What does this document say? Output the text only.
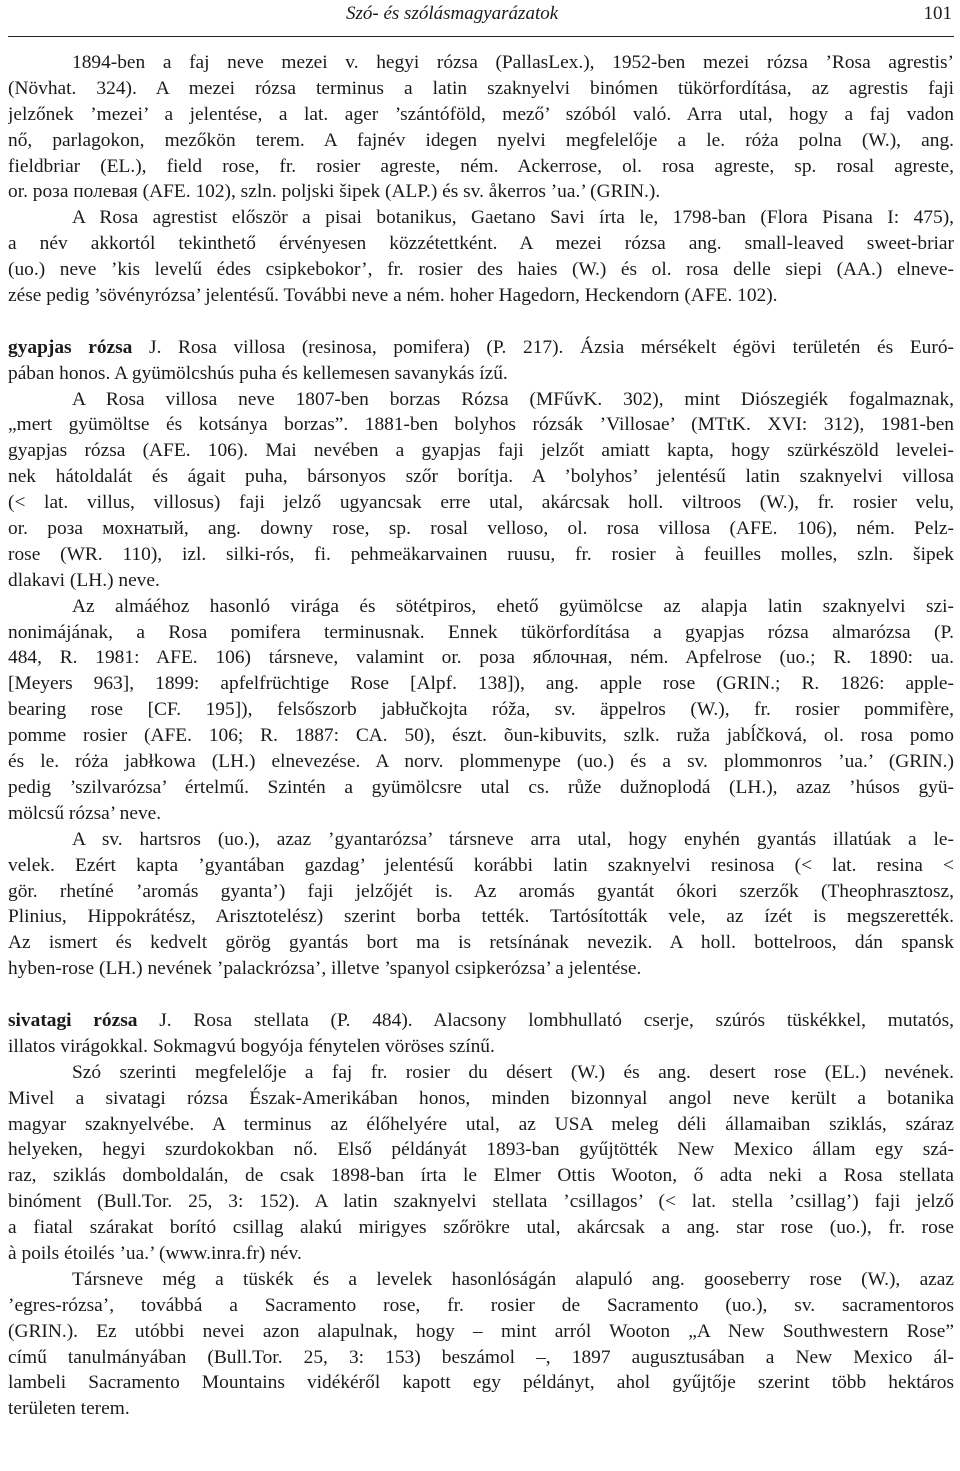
Szó- és szólásmagyarázatok	101
1894-ben a faj neve mezei v. hegyi rózsa (PallasLex.), 1952-ben mezei rózsa ’Rosa agrestis’
(Növhat. 324). A mezei rózsa terminus a latin szaknyelvi binómen tükörfordítása, az agrestis faji
jelzőnek ’mezei’ a jelentése, a lat. ager ’szántóföld, mező’ szóból való. Arra utal, hogy a faj vadon
nő, parlagokon, mezőkön terem. A fajnév idegen nyelvi megfelelője a le. róża polna (W.), ang.
fieldbriar (EL.), field rose, fr. rosier agreste, ném. Ackerrose, ol. rosa agreste, sp. rosal agreste,
or. роза полевая (AFE. 102), szln. poljski šipek (ALP.) és sv. åkerros ’ua.’ (GRIN.).
A Rosa agrestist először a pisai botanikus, Gaetano Savi írta le, 1798-ban (Flora Pisana I: 475),
a név akkortól tekinthető érvényesen közzétettként. A mezei rózsa ang. small-leaved sweet-briar
(uo.) neve ’kis levelű édes csipkebokor’, fr. rosier des haies (W.) és ol. rosa delle siepi (AA.) elneve-
zése pedig ’sövényrózsa’ jelentésű. További neve a ném. hoher Hagedorn, Heckendorn (AFE. 102).
gyapjas rózsa J. Rosa villosa (resinosa, pomifera) (P. 217). Ázsia mérsékelt égövi területén és Euró-
pában honos. A gyümölcshús puha és kellemesen savanykás ízű.
A Rosa villosa neve 1807-ben borzas Rózsa (MFűvK. 302), mint Diószegiék fogalmaznak,
„mert gyümöltse és kotsánya borzas”. 1881-ben bolyhos rózsák ’Villosae’ (MTtK. XVI: 312), 1981-ben
gyapjas rózsa (AFE. 106). Mai nevében a gyapjas faji jelzőt amiatt kapta, hogy szürkészöld levelei-
nek hátoldalát és ágait puha, bársonyos szőr borítja. A ’bolyhos’ jelentésű latin szaknyelvi villosa
(< lat. villus, villosus) faji jelző ugyancsak erre utal, akárcsak holl. viltroos (W.), fr. rosier velu,
or. роза мохнатый, ang. downy rose, sp. rosal velloso, ol. rosa villosa (AFE. 106), ném. Pelz-
rose (WR. 110), izl. silki-rós, fi. pehmeäkarvainen ruusu, fr. rosier à feuilles molles, szln. šipek
dlakavi (LH.) neve.
Az almáéhoz hasonló virága és sötétpiros, ehető gyümölcse az alapja latin szaknyelvi szi-
nonimájának, a Rosa pomifera terminusnak. Ennek tükörfordítása a gyapjas rózsa almarózsa (P.
484, R. 1981: AFE. 106) társneve, valamint or. роза яблочная, ném. Apfelrose (uo.; R. 1890: ua.
[Meyers 963], 1899: apfelfrüchtige Rose [Alpf. 138]), ang. apple rose (GRIN.; R. 1826: apple-
bearing rose [CF. 195]), felsőszorb jabłučkojta róža, sv. äppelros (W.), fr. rosier pommifère,
pomme rosier (AFE. 106; R. 1887: CA. 50), észt. õun-kibuvits, szlk. ruža jabĺčková, ol. rosa pomo
és le. róża jabłkowa (LH.) elnevezése. A norv. plommenype (uo.) és a sv. plommonros ’ua.’ (GRIN.)
pedig ’szilvarózsa’ értelmű. Szintén a gyümölcsre utal cs. růže dužnoplodá (LH.), azaz ’húsos gyü-
mölcsű rózsa’ neve.
A sv. hartsros (uo.), azaz ’gyantarózsa’ társneve arra utal, hogy enyhén gyantás illatúak a le-
velek. Ezért kapta ’gyantában gazdag’ jelentésű korábbi latin szaknyelvi resinosa (< lat. resina <
gör. rhetíné ’aromás gyanta’) faji jelzőjét is. Az aromás gyantát ókori szerzők (Theophrasztosz,
Plinius, Hippokrátész, Arisztotelész) szerint borba tették. Tartósították vele, az ízét is megszerették.
Az ismert és kedvelt görög gyantás bort ma is retsínának nevezik. A holl. bottelroos, dán spansk
hyben-rose (LH.) nevének ’palackrózsa’, illetve ’spanyol csipkerózsa’ a jelentése.
sivatagi rózsa J. Rosa stellata (P. 484). Alacsony lombhullató cserje, szúrós tüskékkel, mutatós,
illatos virágokkal. Sokmagvú bogyója fénytelen vöröses színű.
Szó szerinti megfelelője a faj fr. rosier du désert (W.) és ang. desert rose (EL.) nevének.
Mivel a sivatagi rózsa Észak-Amerikában honos, minden bizonnyal angol neve került a botanika
magyar szaknyelvébe. A terminus az élőhelyére utal, az USA meleg déli államaiban sziklás, száraz
helyeken, hegyi szurdokokban nő. Első példányát 1893-ban gyűjtötték New Mexico állam egy szá-
raz, sziklás domboldalán, de csak 1898-ban írta le Elmer Ottis Wooton, ő adta neki a Rosa stellata
binóment (Bull.Tor. 25, 3: 152). A latin szaknyelvi stellata ’csillagos’ (< lat. stella ’csillag’) faji jelző
a fiatal szárakat borító csillag alakú mirigyes szőrökre utal, akárcsak a ang. star rose (uo.), fr. rose
à poils étoilés ’ua.’ (www.inra.fr) név.
Társneve még a tüskék és a levelek hasonlóságán alapuló ang. gooseberry rose (W.), azaz
’egres-rózsa’, továbbá a Sacramento rose, fr. rosier de Sacramento (uo.), sv. sacramentoros
(GRIN.). Ez utóbbi nevei azon alapulnak, hogy – mint arról Wooton „A New Southwestern Rose”
című tanulmányában (Bull.Tor. 25, 3: 153) beszámol –, 1897 augusztusában a New Mexico ál-
lambeli Sacramento Mountains vidékéről kapott egy példányt, ahol gyűjtője szerint több hektáros
területen terem.
